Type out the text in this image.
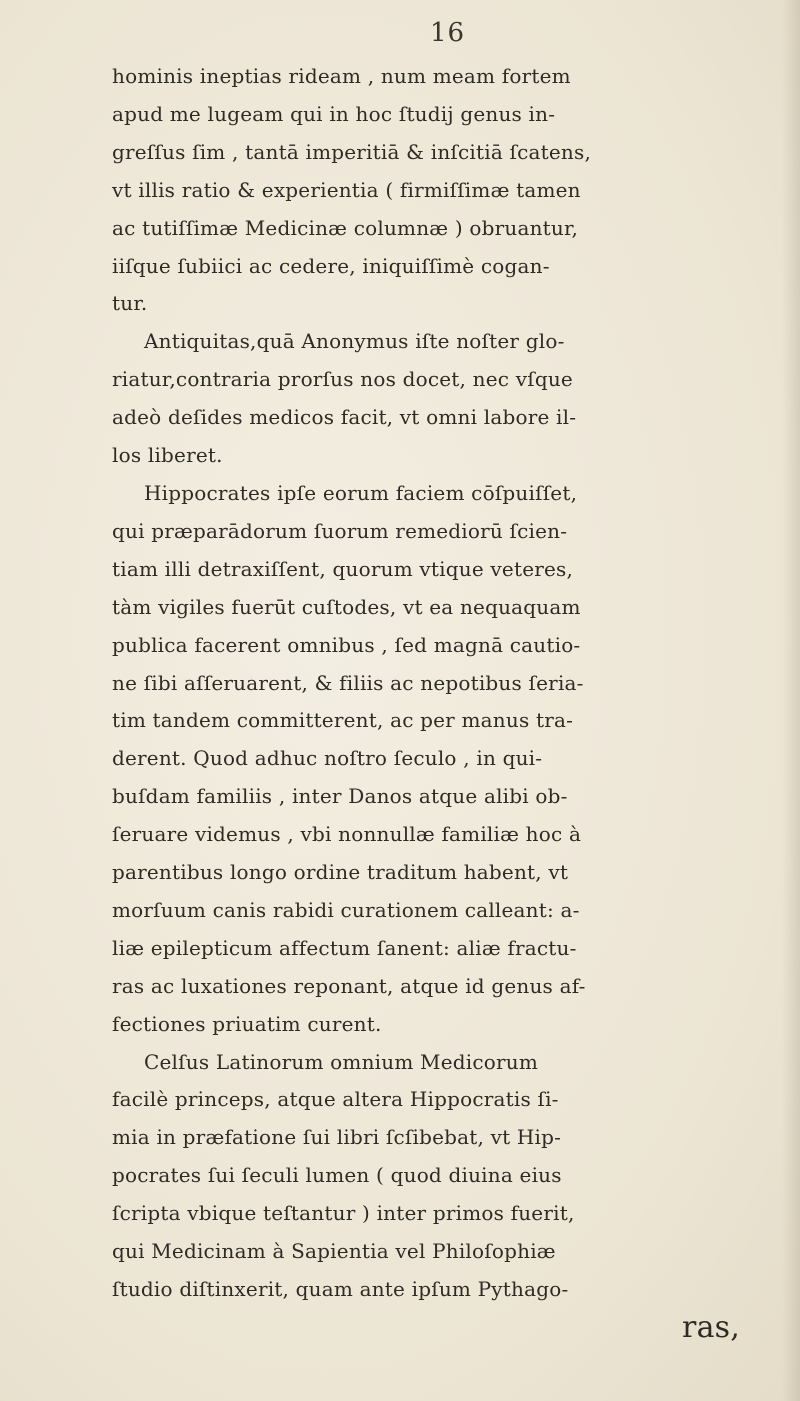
16
hominis ineptias rideam , num meam fortem
apud me lugeam qui in hoc ſtudij genus in-
greſſus ſim , tantā imperitiā & inſcitiā ſcatens,
vt illis ratio & experientia ( firmiſſimæ tamen
ac tutiſſimæ Medicinæ columnæ ) obruantur,
iiſque ſubiici ac cedere, iniquiſſimè cogan-
tur.
Antiquitas,quā Anonymus iſte noſter glo-
riatur,contraria prorſus nos docet, nec vſque
adeò deſides medicos facit, vt omni labore il-
los liberet.
Hippocrates ipſe eorum faciem cōſpuiſſet,
qui præparādorum ſuorum remediorū ſcien-
tiam illi detraxiſſent, quorum vtique veteres,
tàm vigiles fuerūt cuſtodes, vt ea nequaquam
publica facerent omnibus , ſed magnā cautio-
ne ſibi aſſeruarent, & filiis ac nepotibus ſeria-
tim tandem committerent, ac per manus tra-
derent. Quod adhuc noſtro ſeculo , in qui-
buſdam familiis , inter Danos atque alibi ob-
ſeruare videmus , vbi nonnullæ familiæ hoc à
parentibus longo ordine traditum habent, vt
morſuum canis rabidi curationem calleant: a-
liæ epilepticum affectum ſanent: aliæ fractu-
ras ac luxationes reponant, atque id genus af-
fectiones priuatim curent.
Celſus Latinorum omnium Medicorum
facilè princeps, atque altera Hippocratis ſi-
mia in præfatione ſui libri ſcſibebat, vt Hip-
pocrates ſui ſeculi lumen ( quod diuina eius
ſcripta vbique teſtantur ) inter primos fuerit,
qui Medicinam à Sapientia vel Philoſophiæ
ſtudio diſtinxerit, quam ante ipſum Pythago-
ras,
